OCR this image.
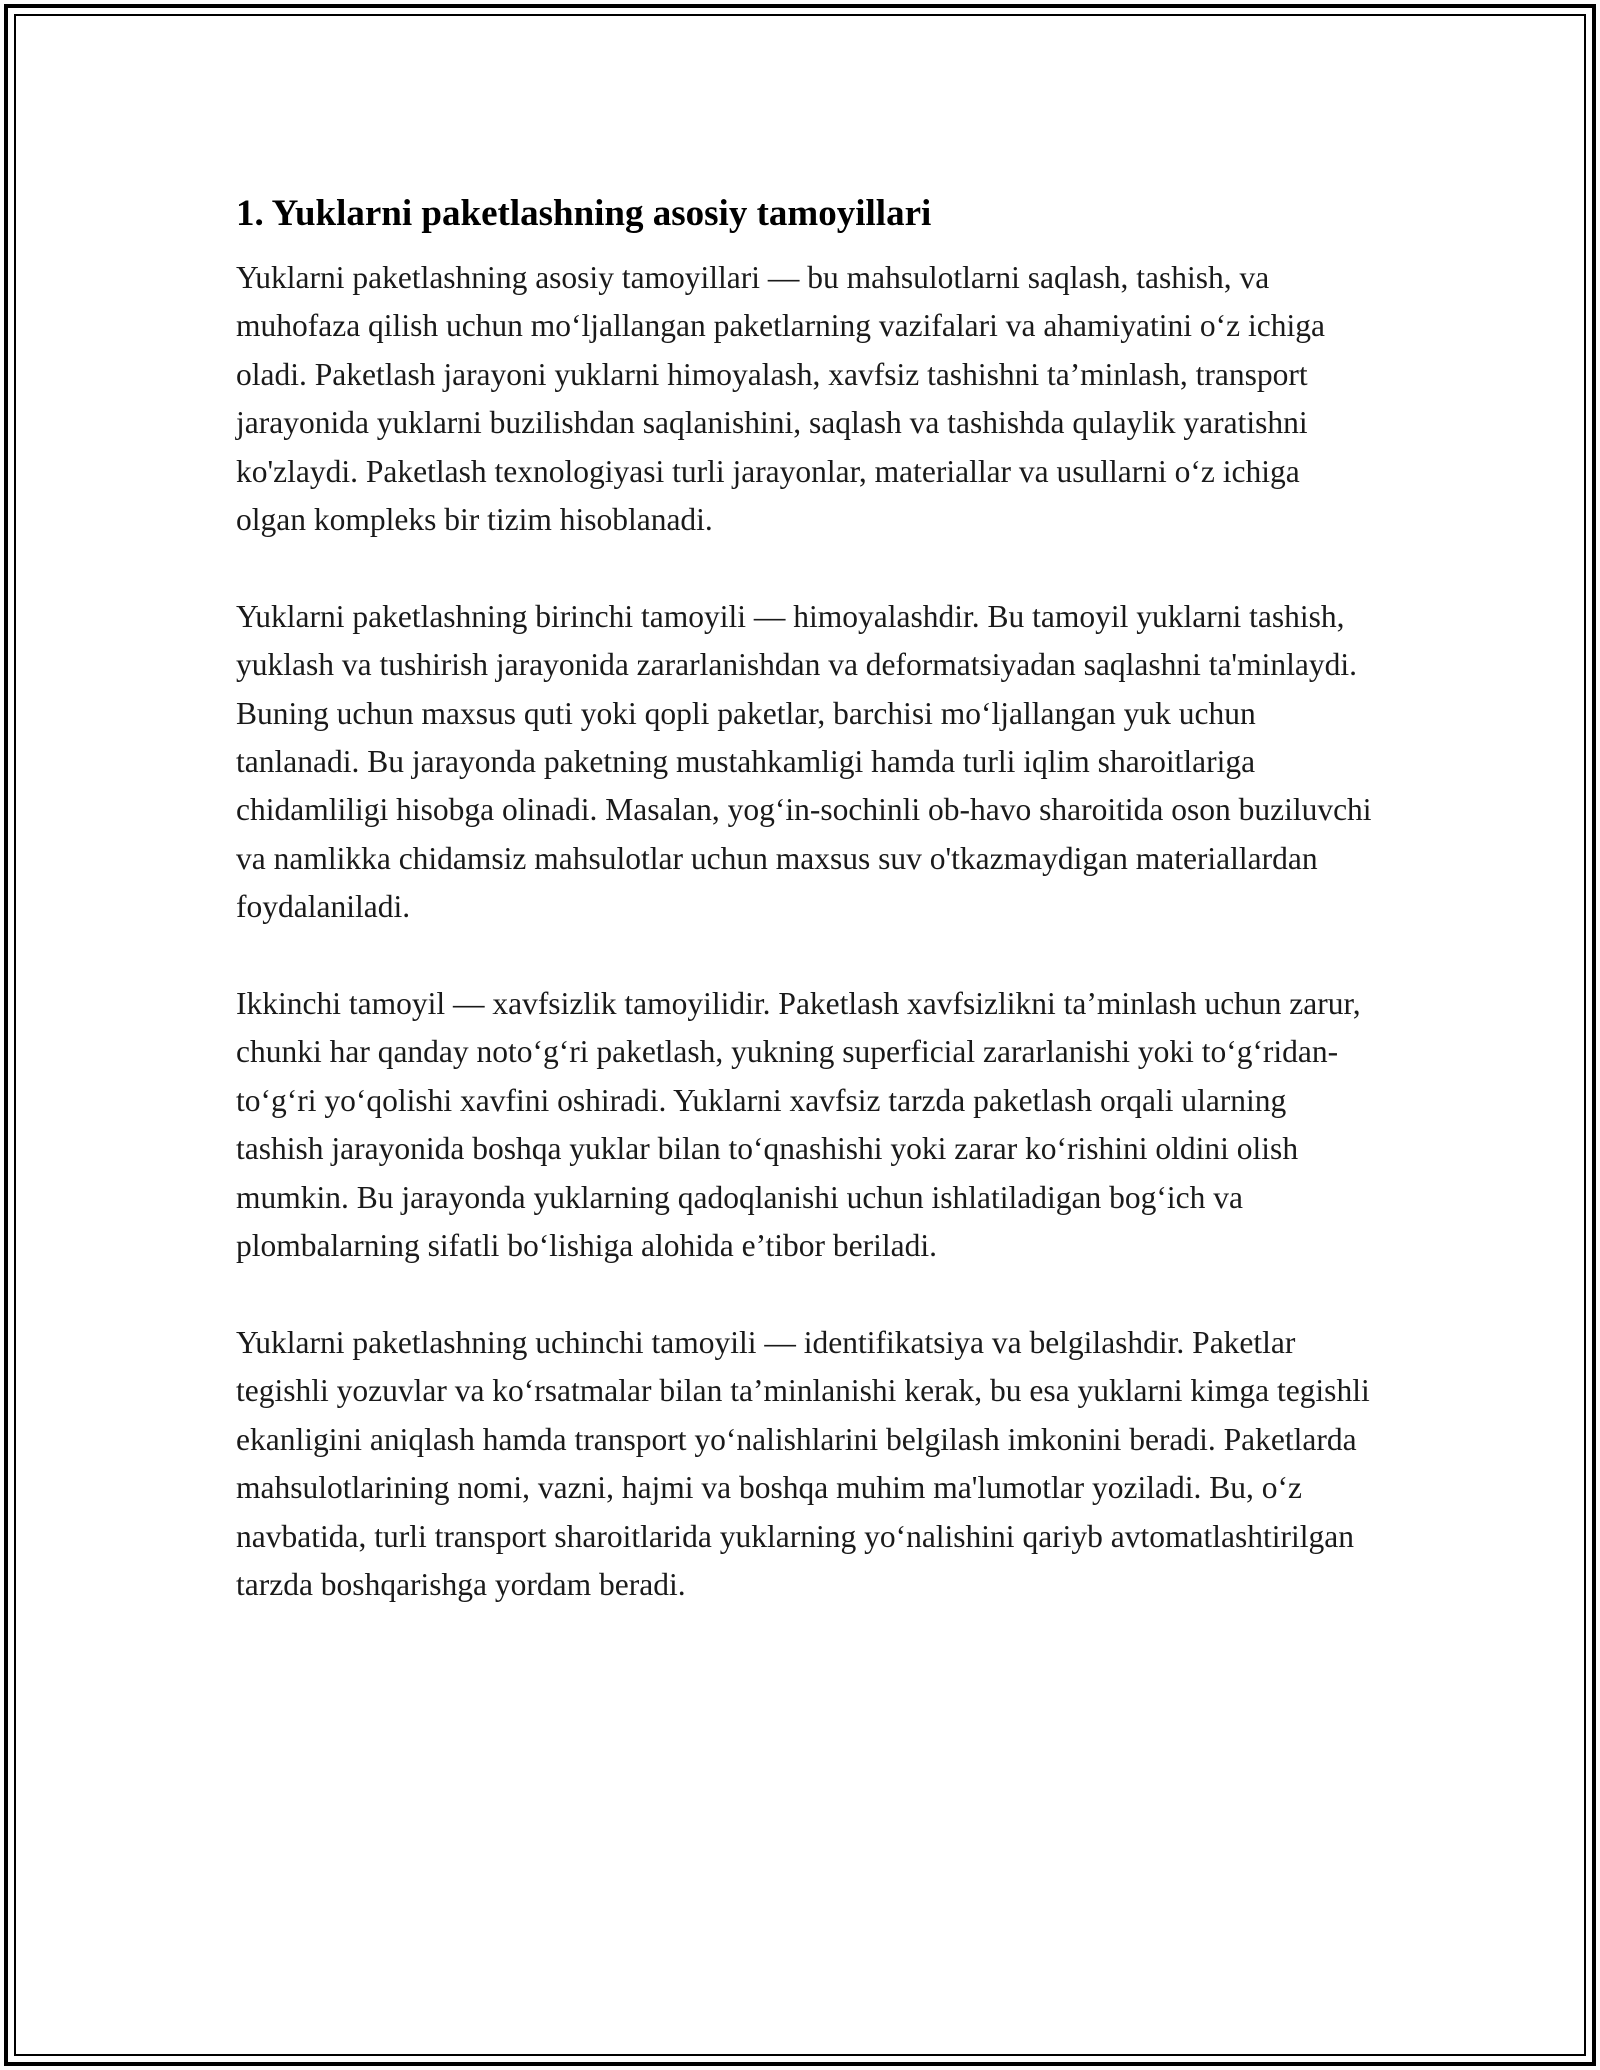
1. Yuklarni paketlashning asosiy tamoyillari

Yuklarni paketlashning asosiy tamoyillari — bu mahsulotlarni saqlash, tashish, va muhofaza qilish uchun mo‘ljallangan paketlarning vazifalari va ahamiyatini o‘z ichiga oladi. Paketlash jarayoni yuklarni himoyalash, xavfsiz tashishni ta’minlash, transport jarayonida yuklarni buzilishdan saqlanishini, saqlash va tashishda qulaylik yaratishni ko'zlaydi. Paketlash texnologiyasi turli jarayonlar, materiallar va usullarni o‘z ichiga olgan kompleks bir tizim hisoblanadi.

Yuklarni paketlashning birinchi tamoyili — himoyalashdir. Bu tamoyil yuklarni tashish, yuklash va tushirish jarayonida zararlanishdan va deformatsiyadan saqlashni ta'minlaydi. Buning uchun maxsus quti yoki qopli paketlar, barchisi mo‘ljallangan yuk uchun tanlanadi. Bu jarayonda paketning mustahkamligi hamda turli iqlim sharoitlariga chidamliligi hisobga olinadi. Masalan, yog‘in-sochinli ob-havo sharoitida oson buziluvchi va namlikka chidamsiz mahsulotlar uchun maxsus suv o'tkazmaydigan materiallardan foydalaniladi.

Ikkinchi tamoyil — xavfsizlik tamoyilidir. Paketlash xavfsizlikni ta’minlash uchun zarur, chunki har qanday noto‘g‘ri paketlash, yukning superficial zararlanishi yoki to‘g‘ridan-to‘g‘ri yo‘qolishi xavfini oshiradi. Yuklarni xavfsiz tarzda paketlash orqali ularning tashish jarayonida boshqa yuklar bilan to‘qnashishi yoki zarar ko‘rishini oldini olish mumkin. Bu jarayonda yuklarning qadoqlanishi uchun ishlatiladigan bog‘ich va plombalarning sifatli bo‘lishiga alohida e’tibor beriladi.

Yuklarni paketlashning uchinchi tamoyili — identifikatsiya va belgilashdir. Paketlar tegishli yozuvlar va ko‘rsatmalar bilan ta’minlanishi kerak, bu esa yuklarni kimga tegishli ekanligini aniqlash hamda transport yo‘nalishlarini belgilash imkonini beradi. Paketlarda mahsulotlarining nomi, vazni, hajmi va boshqa muhim ma'lumotlar yoziladi. Bu, o‘z navbatida, turli transport sharoitlarida yuklarning yo‘nalishini qariyb avtomatlashtirilgan tarzda boshqarishga yordam beradi.
